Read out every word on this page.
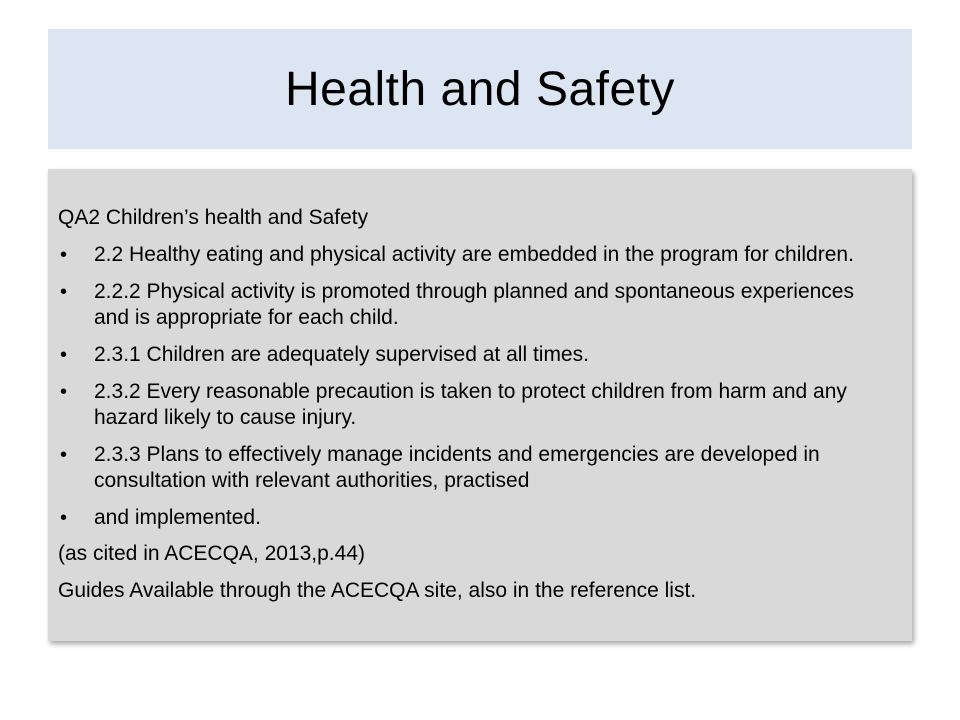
Health and Safety

QA2 Children’s health and Safety

• 2.2 Healthy eating and physical activity are embedded in the program for children.
• 2.2.2 Physical activity is promoted through planned and spontaneous experiences and is appropriate for each child.
• 2.3.1 Children are adequately supervised at all times.
• 2.3.2 Every reasonable precaution is taken to protect children from harm and any hazard likely to cause injury.
• 2.3.3 Plans to effectively manage incidents and emergencies are developed in consultation with relevant authorities, practised
• and implemented.

(as cited in ACECQA, 2013,p.44)

Guides Available through the ACECQA site, also in the reference list.
